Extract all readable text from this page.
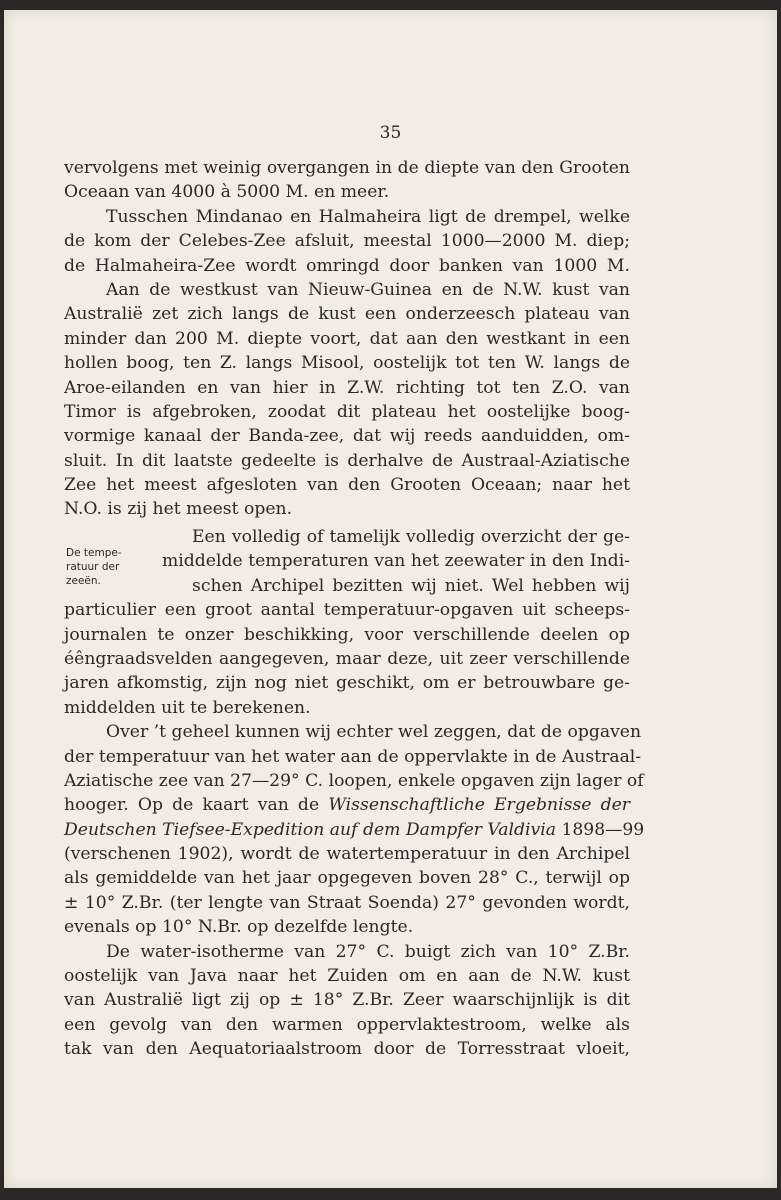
35
vervolgens met weinig overgangen in de diepte van den Grooten
Oceaan van 4000 à 5000 M. en meer.
Tusschen Mindanao en Halmaheira ligt de drempel, welke
de kom der Celebes-Zee afsluit, meestal 1000—2000 M. diep;
de Halmaheira-Zee wordt omringd door banken van 1000 M.
Aan de westkust van Nieuw-Guinea en de N.W. kust van
Australië zet zich langs de kust een onderzeesch plateau van
minder dan 200 M. diepte voort, dat aan den westkant in een
hollen boog, ten Z. langs Misool, oostelijk tot ten W. langs de
Aroe-eilanden en van hier in Z.W. richting tot ten Z.O. van
Timor is afgebroken, zoodat dit plateau het oostelijke boog-
vormige kanaal der Banda-zee, dat wij reeds aanduidden, om-
sluit. In dit laatste gedeelte is derhalve de Austraal-Aziatische
Zee het meest afgesloten van den Grooten Oceaan; naar het
N.O. is zij het meest open.
De tempe-
ratuur der
zeeën.
Een volledig of tamelijk volledig overzicht der ge-
middelde temperaturen van het zeewater in den Indi-
schen Archipel bezitten wij niet. Wel hebben wij
particulier een groot aantal temperatuur-opgaven uit scheeps-
journalen te onzer beschikking, voor verschillende deelen op
éêngraadsvelden aangegeven, maar deze, uit zeer verschillende
jaren afkomstig, zijn nog niet geschikt, om er betrouwbare ge-
middelden uit te berekenen.
Over ’t geheel kunnen wij echter wel zeggen, dat de opgaven
der temperatuur van het water aan de oppervlakte in de Austraal-
Aziatische zee van 27—29° C. loopen, enkele opgaven zijn lager of
hooger. Op de kaart van de Wissenschaftliche Ergebnisse der
Deutschen Tiefsee-Expedition auf dem Dampfer Valdivia 1898—99
(verschenen 1902), wordt de watertemperatuur in den Archipel
als gemiddelde van het jaar opgegeven boven 28° C., terwijl op
± 10° Z.Br. (ter lengte van Straat Soenda) 27° gevonden wordt,
evenals op 10° N.Br. op dezelfde lengte.
De water-isotherme van 27° C. buigt zich van 10° Z.Br.
oostelijk van Java naar het Zuiden om en aan de N.W. kust
van Australië ligt zij op ± 18° Z.Br. Zeer waarschijnlijk is dit
een gevolg van den warmen oppervlaktestroom, welke als
tak van den Aequatoriaalstroom door de Torresstraat vloeit,
